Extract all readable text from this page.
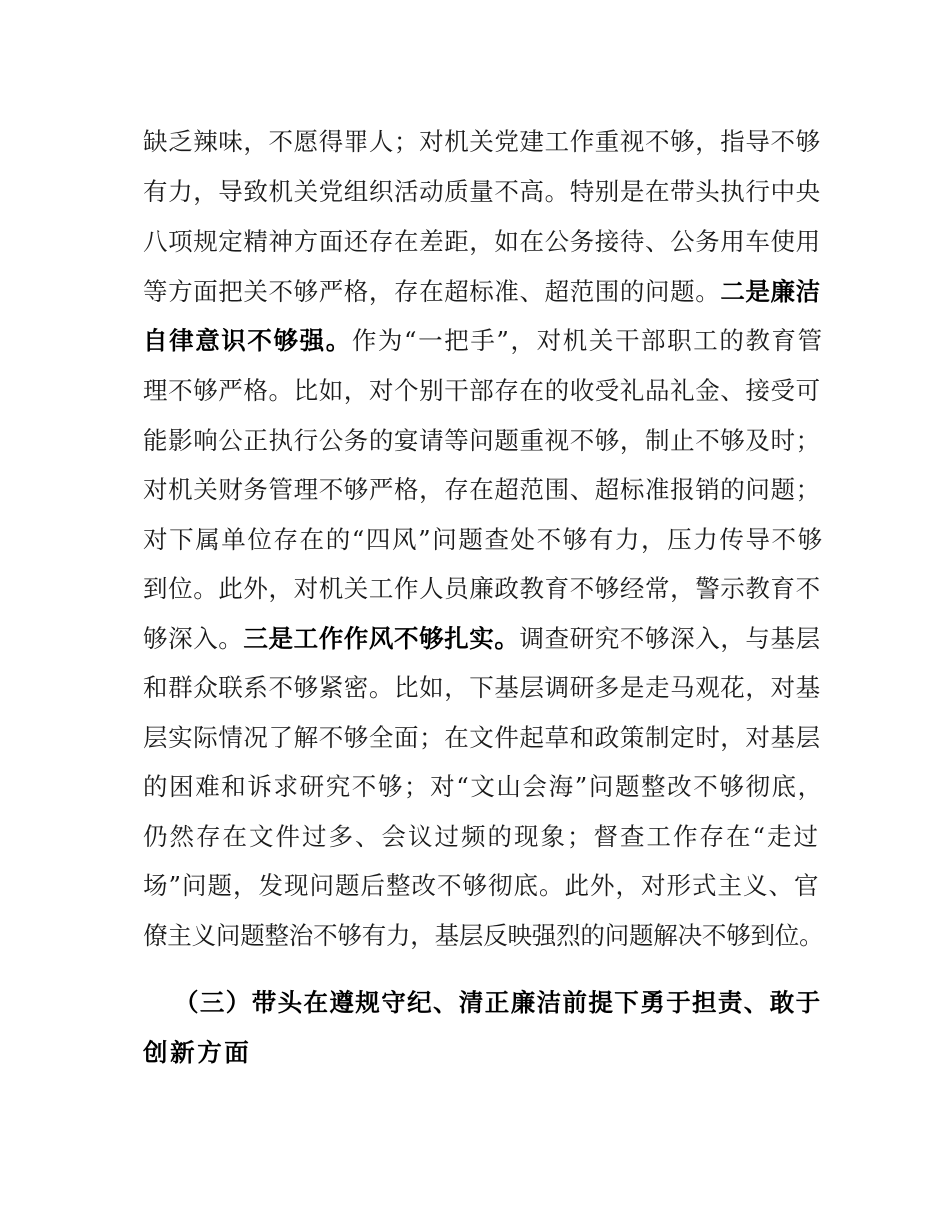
缺乏辣味，不愿得罪人；对机关党建工作重视不够，指导不够
有力，导致机关党组织活动质量不高。特别是在带头执行中央
八项规定精神方面还存在差距，如在公务接待、公务用车使用
等方面把关不够严格，存在超标准、超范围的问题。二是廉洁
自律意识不够强。作为“一把手”，对机关干部职工的教育管
理不够严格。比如，对个别干部存在的收受礼品礼金、接受可
能影响公正执行公务的宴请等问题重视不够，制止不够及时；
对机关财务管理不够严格，存在超范围、超标准报销的问题；
对下属单位存在的“四风”问题查处不够有力，压力传导不够
到位。此外，对机关工作人员廉政教育不够经常，警示教育不
够深入。三是工作作风不够扎实。调查研究不够深入，与基层
和群众联系不够紧密。比如，下基层调研多是走马观花，对基
层实际情况了解不够全面；在文件起草和政策制定时，对基层
的困难和诉求研究不够；对“文山会海”问题整改不够彻底，
仍然存在文件过多、会议过频的现象；督查工作存在“走过
场”问题，发现问题后整改不够彻底。此外，对形式主义、官
僚主义问题整治不够有力，基层反映强烈的问题解决不够到位。
（三）带头在遵规守纪、清正廉洁前提下勇于担责、敢于
创新方面
